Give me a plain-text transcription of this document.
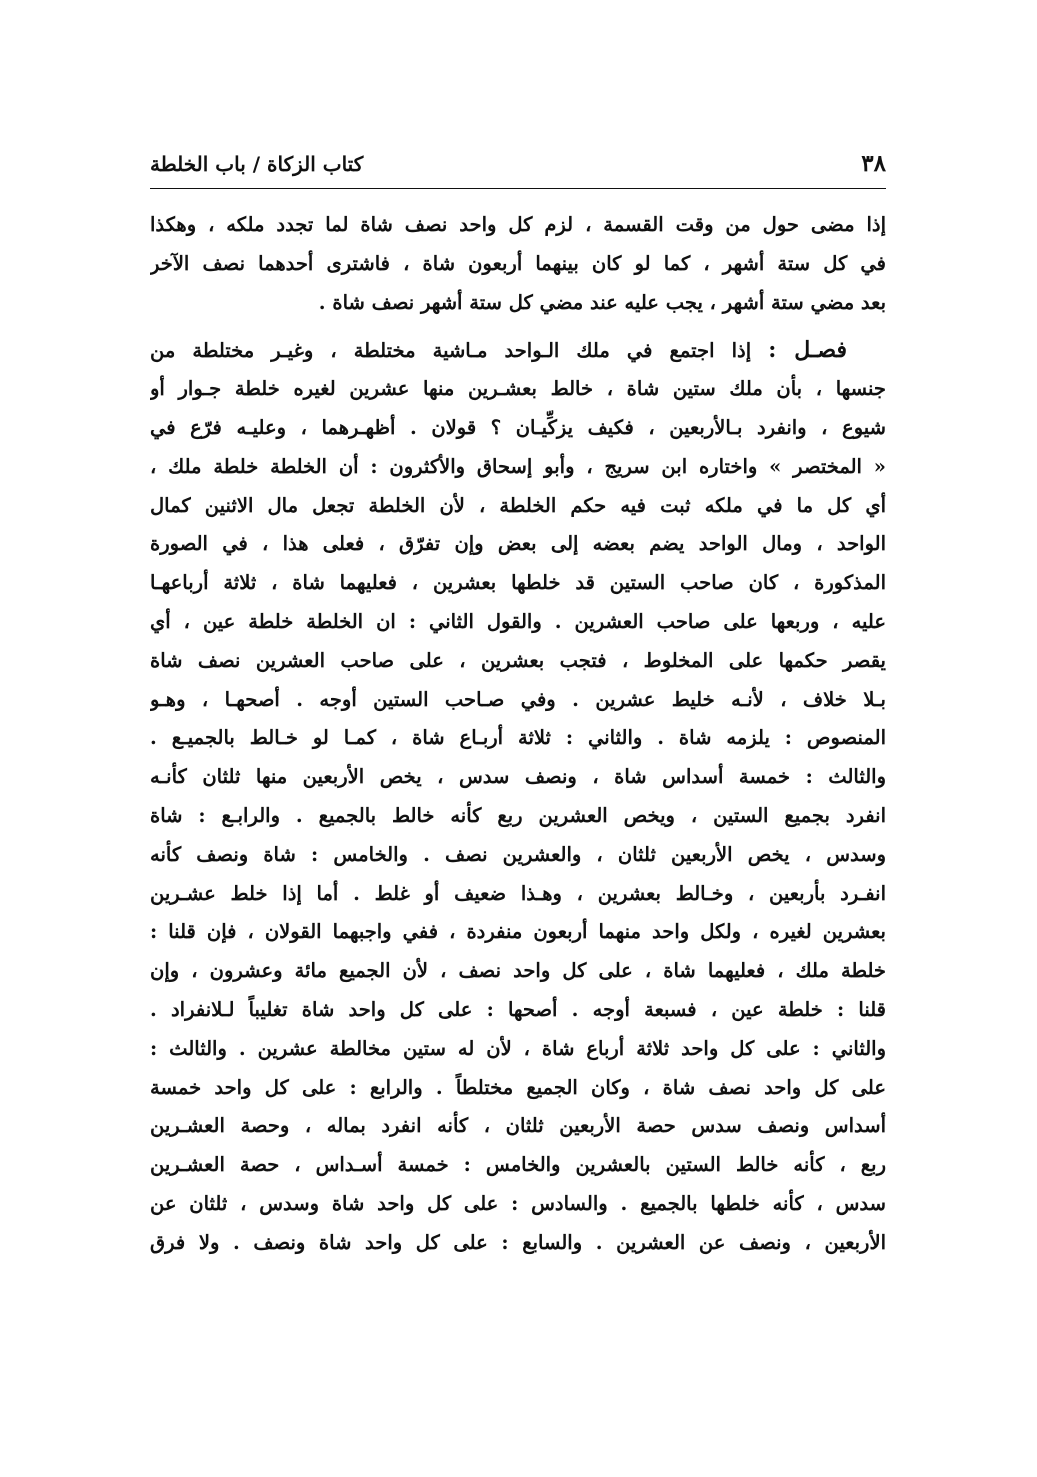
٣٨
كتاب الزكاة / باب الخلطة
إذا مضى حول من وقت القسمة ، لزم كل واحد نصف شاة لما تجدد ملكه ، وهكذا
في كل ستة أشهر ، كما لو كان بينهما أربعون شاة ، فاشترى أحدهما نصف الآخر
بعد مضي ستة أشهر ، يجب عليه عند مضي كل ستة أشهر نصف شاة .
  فصـل : إذا اجتمع في ملك الـواحد مـاشية مختلطة ، وغيـر مختلطة من
جنسها ، بأن ملك ستين شاة ، خالط بعشـرين منها عشرين لغيره خلطة جـوار أو
شيوع ، وانفرد بـالأربعين ، فكيف يزكِّيـان ؟ قولان . أظهـرهما ، وعليـه فرّع في
« المختصر » واختاره ابن سريج ، وأبو إسحاق والأكثرون : أن الخلطة خلطة ملك ،
أي كل ما في ملكه ثبت فيه حكم الخلطة ، لأن الخلطة تجعل مال الاثنين كمال
الواحد ، ومال الواحد يضم بعضه إلى بعض وإن تفرّق ، فعلى هذا ، في الصورة
المذكورة ، كان صاحب الستين قد خلطها بعشرين ، فعليهما شاة ، ثلاثة أرباعهـا
عليه ، وربعها على صاحب العشرين . والقول الثاني : ان الخلطة خلطة عين ، أي
يقصر حكمها على المخلوط ، فتجب بعشرين ، على صاحب العشرين نصف شاة
بـلا خلاف ، لأنـه خليط عشرين . وفي صـاحب الستين أوجه . أصحهـا ، وهـو
المنصوص : يلزمه شاة . والثاني : ثلاثة أربـاع شاة ، كمـا لو خـالط بالجميـع .
والثالث : خمسة أسداس شاة ، ونصف سدس ، يخص الأربعين منها ثلثان كأنـه
انفرد بجميع الستين ، ويخص العشرين ربع كأنه خالط بالجميع . والرابـع : شاة
وسدس ، يخص الأربعين ثلثان ، والعشرين نصف . والخامس : شاة ونصف كأنه
انفـرد بأربعين ، وخـالط بعشرين ، وهـذا ضعيف أو غلط . أما إذا خلط عشـرين
بعشرين لغيره ، ولكل واحد منهما أربعون منفردة ، ففي واجبهما القولان ، فإن قلنا :
خلطة ملك ، فعليهما شاة ، على كل واحد نصف ، لأن الجميع مائة وعشرون ، وإن
قلنا : خلطة عين ، فسبعة أوجه . أصحها : على كل واحد شاة تغليباً لـلانفراد .
والثاني : على كل واحد ثلاثة أرباع شاة ، لأن له ستين مخالطة عشرين . والثالث :
على كل واحد نصف شاة ، وكان الجميع مختلطاً . والرابع : على كل واحد خمسة
أسداس ونصف سدس حصة الأربعين ثلثان ، كأنه انفرد بماله ، وحصة العشـرين
ربع ، كأنه خالط الستين بالعشرين والخامس : خمسة أسـداس ، حصة العشـرين
سدس ، كأنه خلطها بالجميع . والسادس : على كل واحد شاة وسدس ، ثلثان عن
الأربعين ، ونصف عن العشرين . والسابع : على كل واحد شاة ونصف . ولا فرق
